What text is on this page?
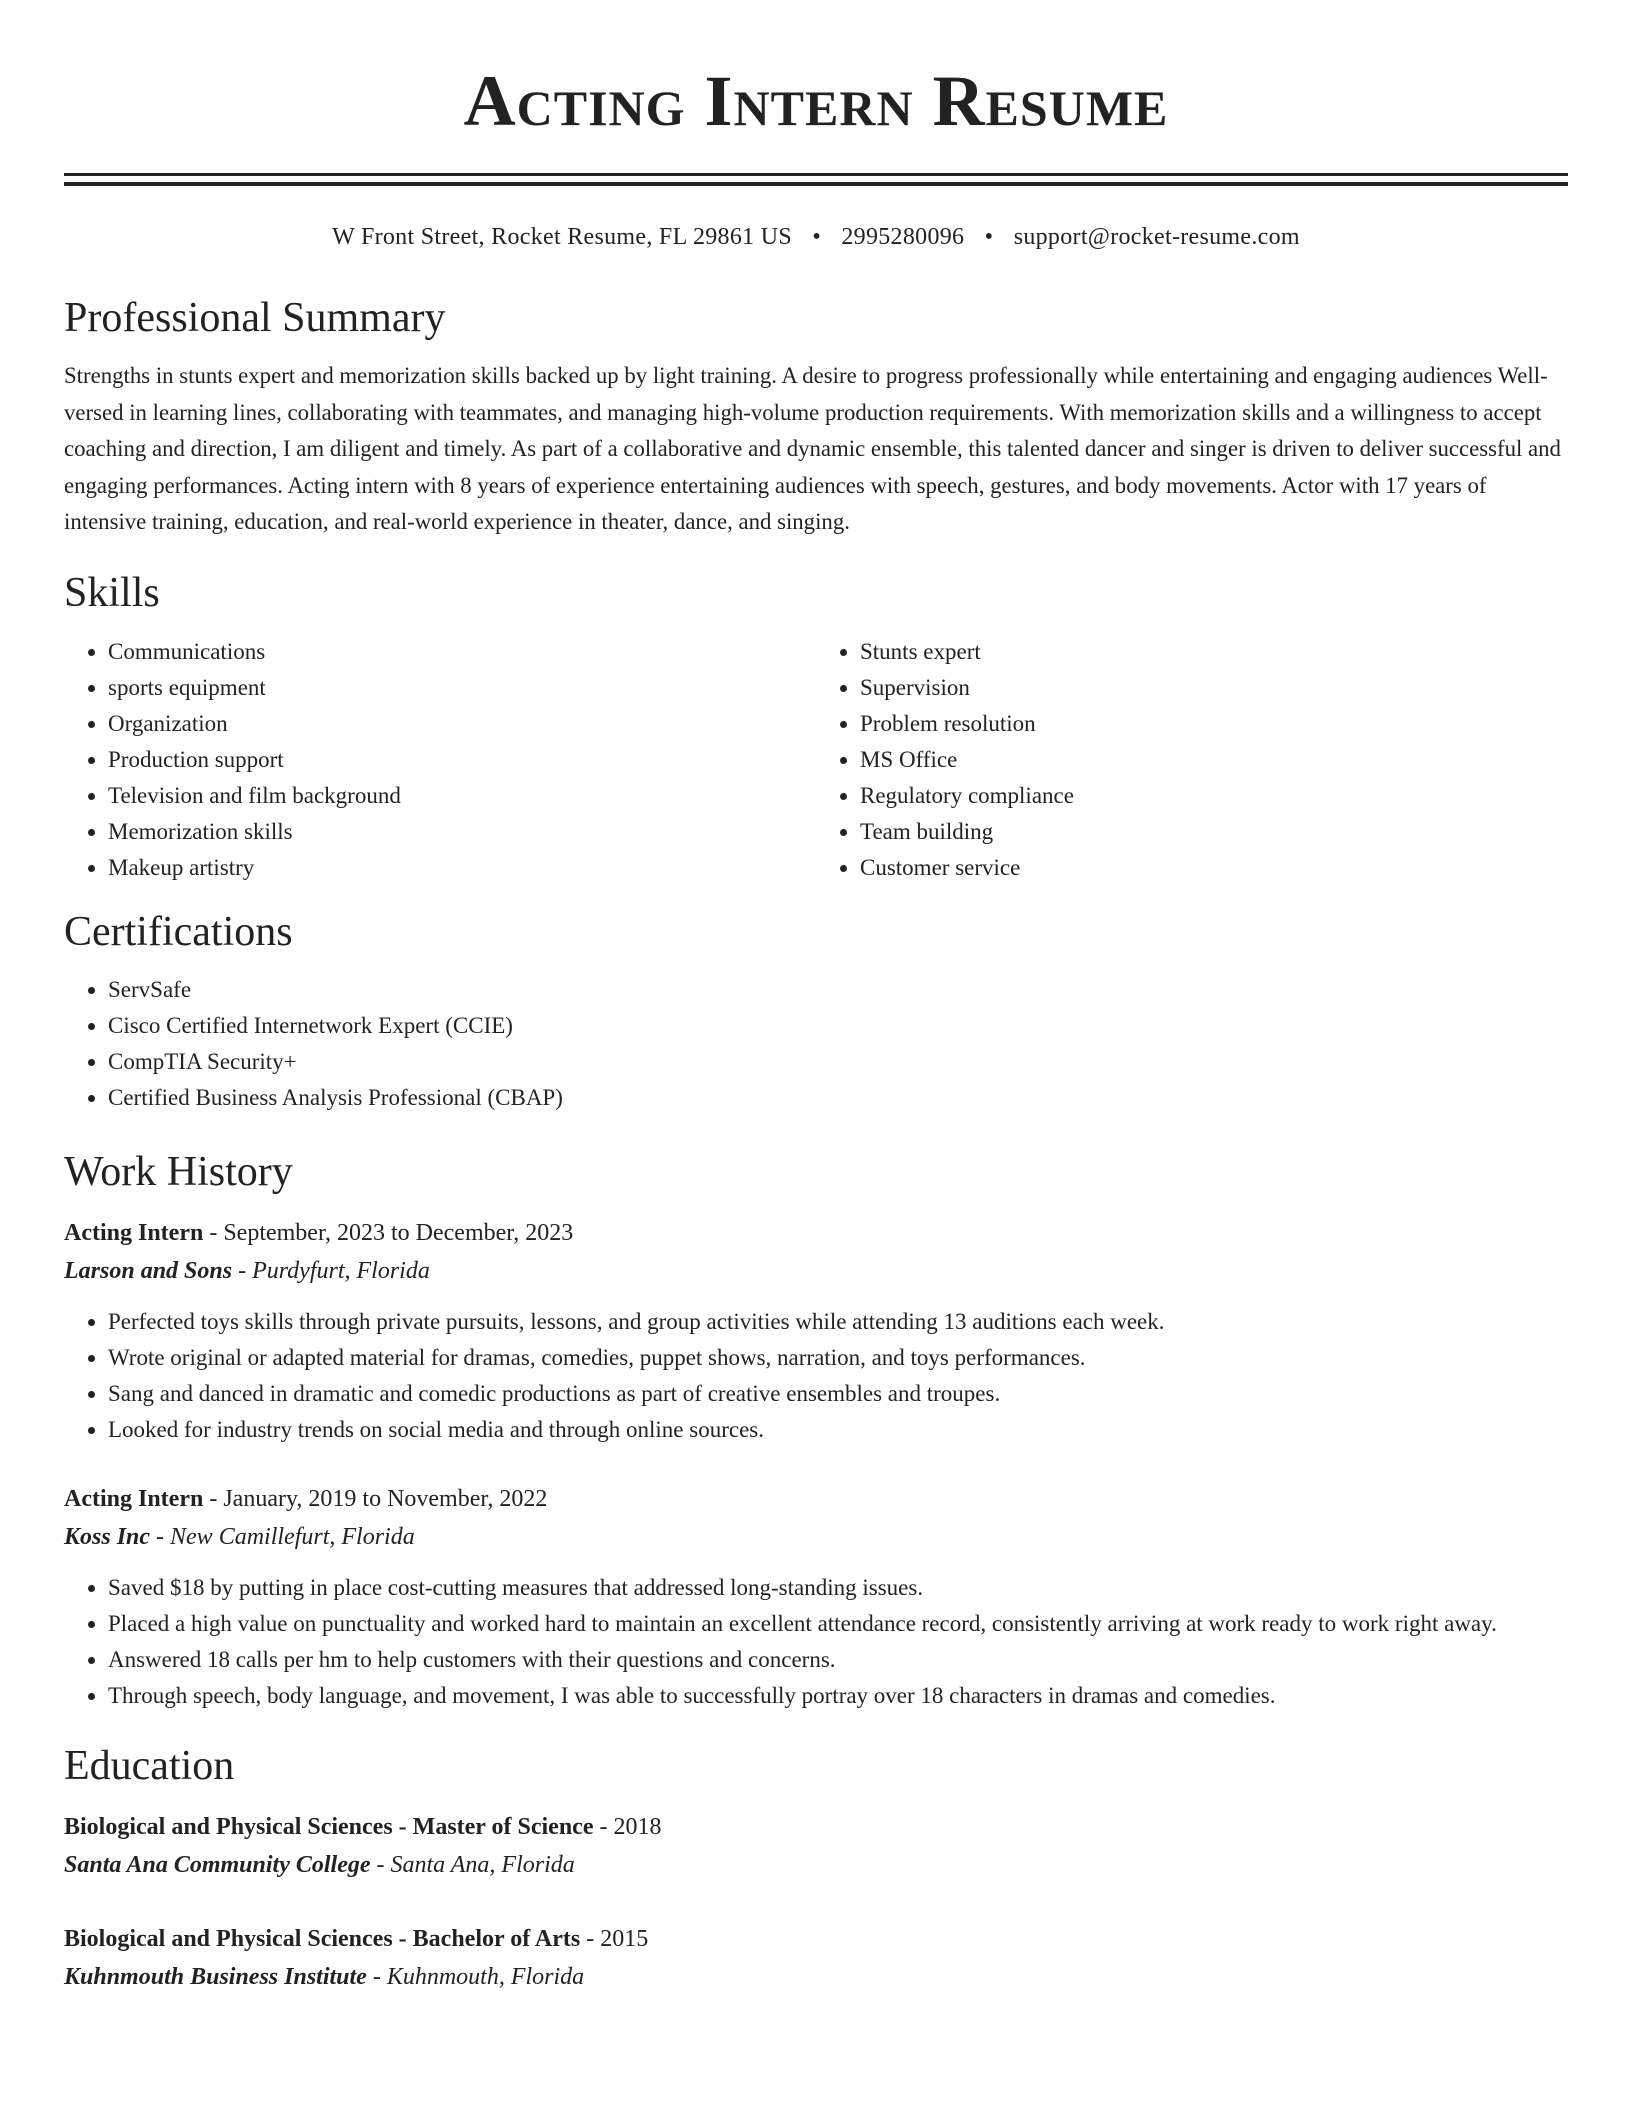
Acting Intern Resume
W Front Street, Rocket Resume, FL 29861 US • 2995280096 • support@rocket-resume.com
Professional Summary
Strengths in stunts expert and memorization skills backed up by light training. A desire to progress professionally while entertaining and engaging audiences Well-versed in learning lines, collaborating with teammates, and managing high-volume production requirements. With memorization skills and a willingness to accept coaching and direction, I am diligent and timely. As part of a collaborative and dynamic ensemble, this talented dancer and singer is driven to deliver successful and engaging performances. Acting intern with 8 years of experience entertaining audiences with speech, gestures, and body movements. Actor with 17 years of intensive training, education, and real-world experience in theater, dance, and singing.
Skills
• Communications
• sports equipment
• Organization
• Production support
• Television and film background
• Memorization skills
• Makeup artistry
• Stunts expert
• Supervision
• Problem resolution
• MS Office
• Regulatory compliance
• Team building
• Customer service
Certifications
• ServSafe
• Cisco Certified Internetwork Expert (CCIE)
• CompTIA Security+
• Certified Business Analysis Professional (CBAP)
Work History
Acting Intern - September, 2023 to December, 2023
Larson and Sons - Purdyfurt, Florida
• Perfected toys skills through private pursuits, lessons, and group activities while attending 13 auditions each week.
• Wrote original or adapted material for dramas, comedies, puppet shows, narration, and toys performances.
• Sang and danced in dramatic and comedic productions as part of creative ensembles and troupes.
• Looked for industry trends on social media and through online sources.
Acting Intern - January, 2019 to November, 2022
Koss Inc - New Camillefurt, Florida
• Saved $18 by putting in place cost-cutting measures that addressed long-standing issues.
• Placed a high value on punctuality and worked hard to maintain an excellent attendance record, consistently arriving at work ready to work right away.
• Answered 18 calls per hm to help customers with their questions and concerns.
• Through speech, body language, and movement, I was able to successfully portray over 18 characters in dramas and comedies.
Education
Biological and Physical Sciences - Master of Science - 2018
Santa Ana Community College - Santa Ana, Florida
Biological and Physical Sciences - Bachelor of Arts - 2015
Kuhnmouth Business Institute - Kuhnmouth, Florida
